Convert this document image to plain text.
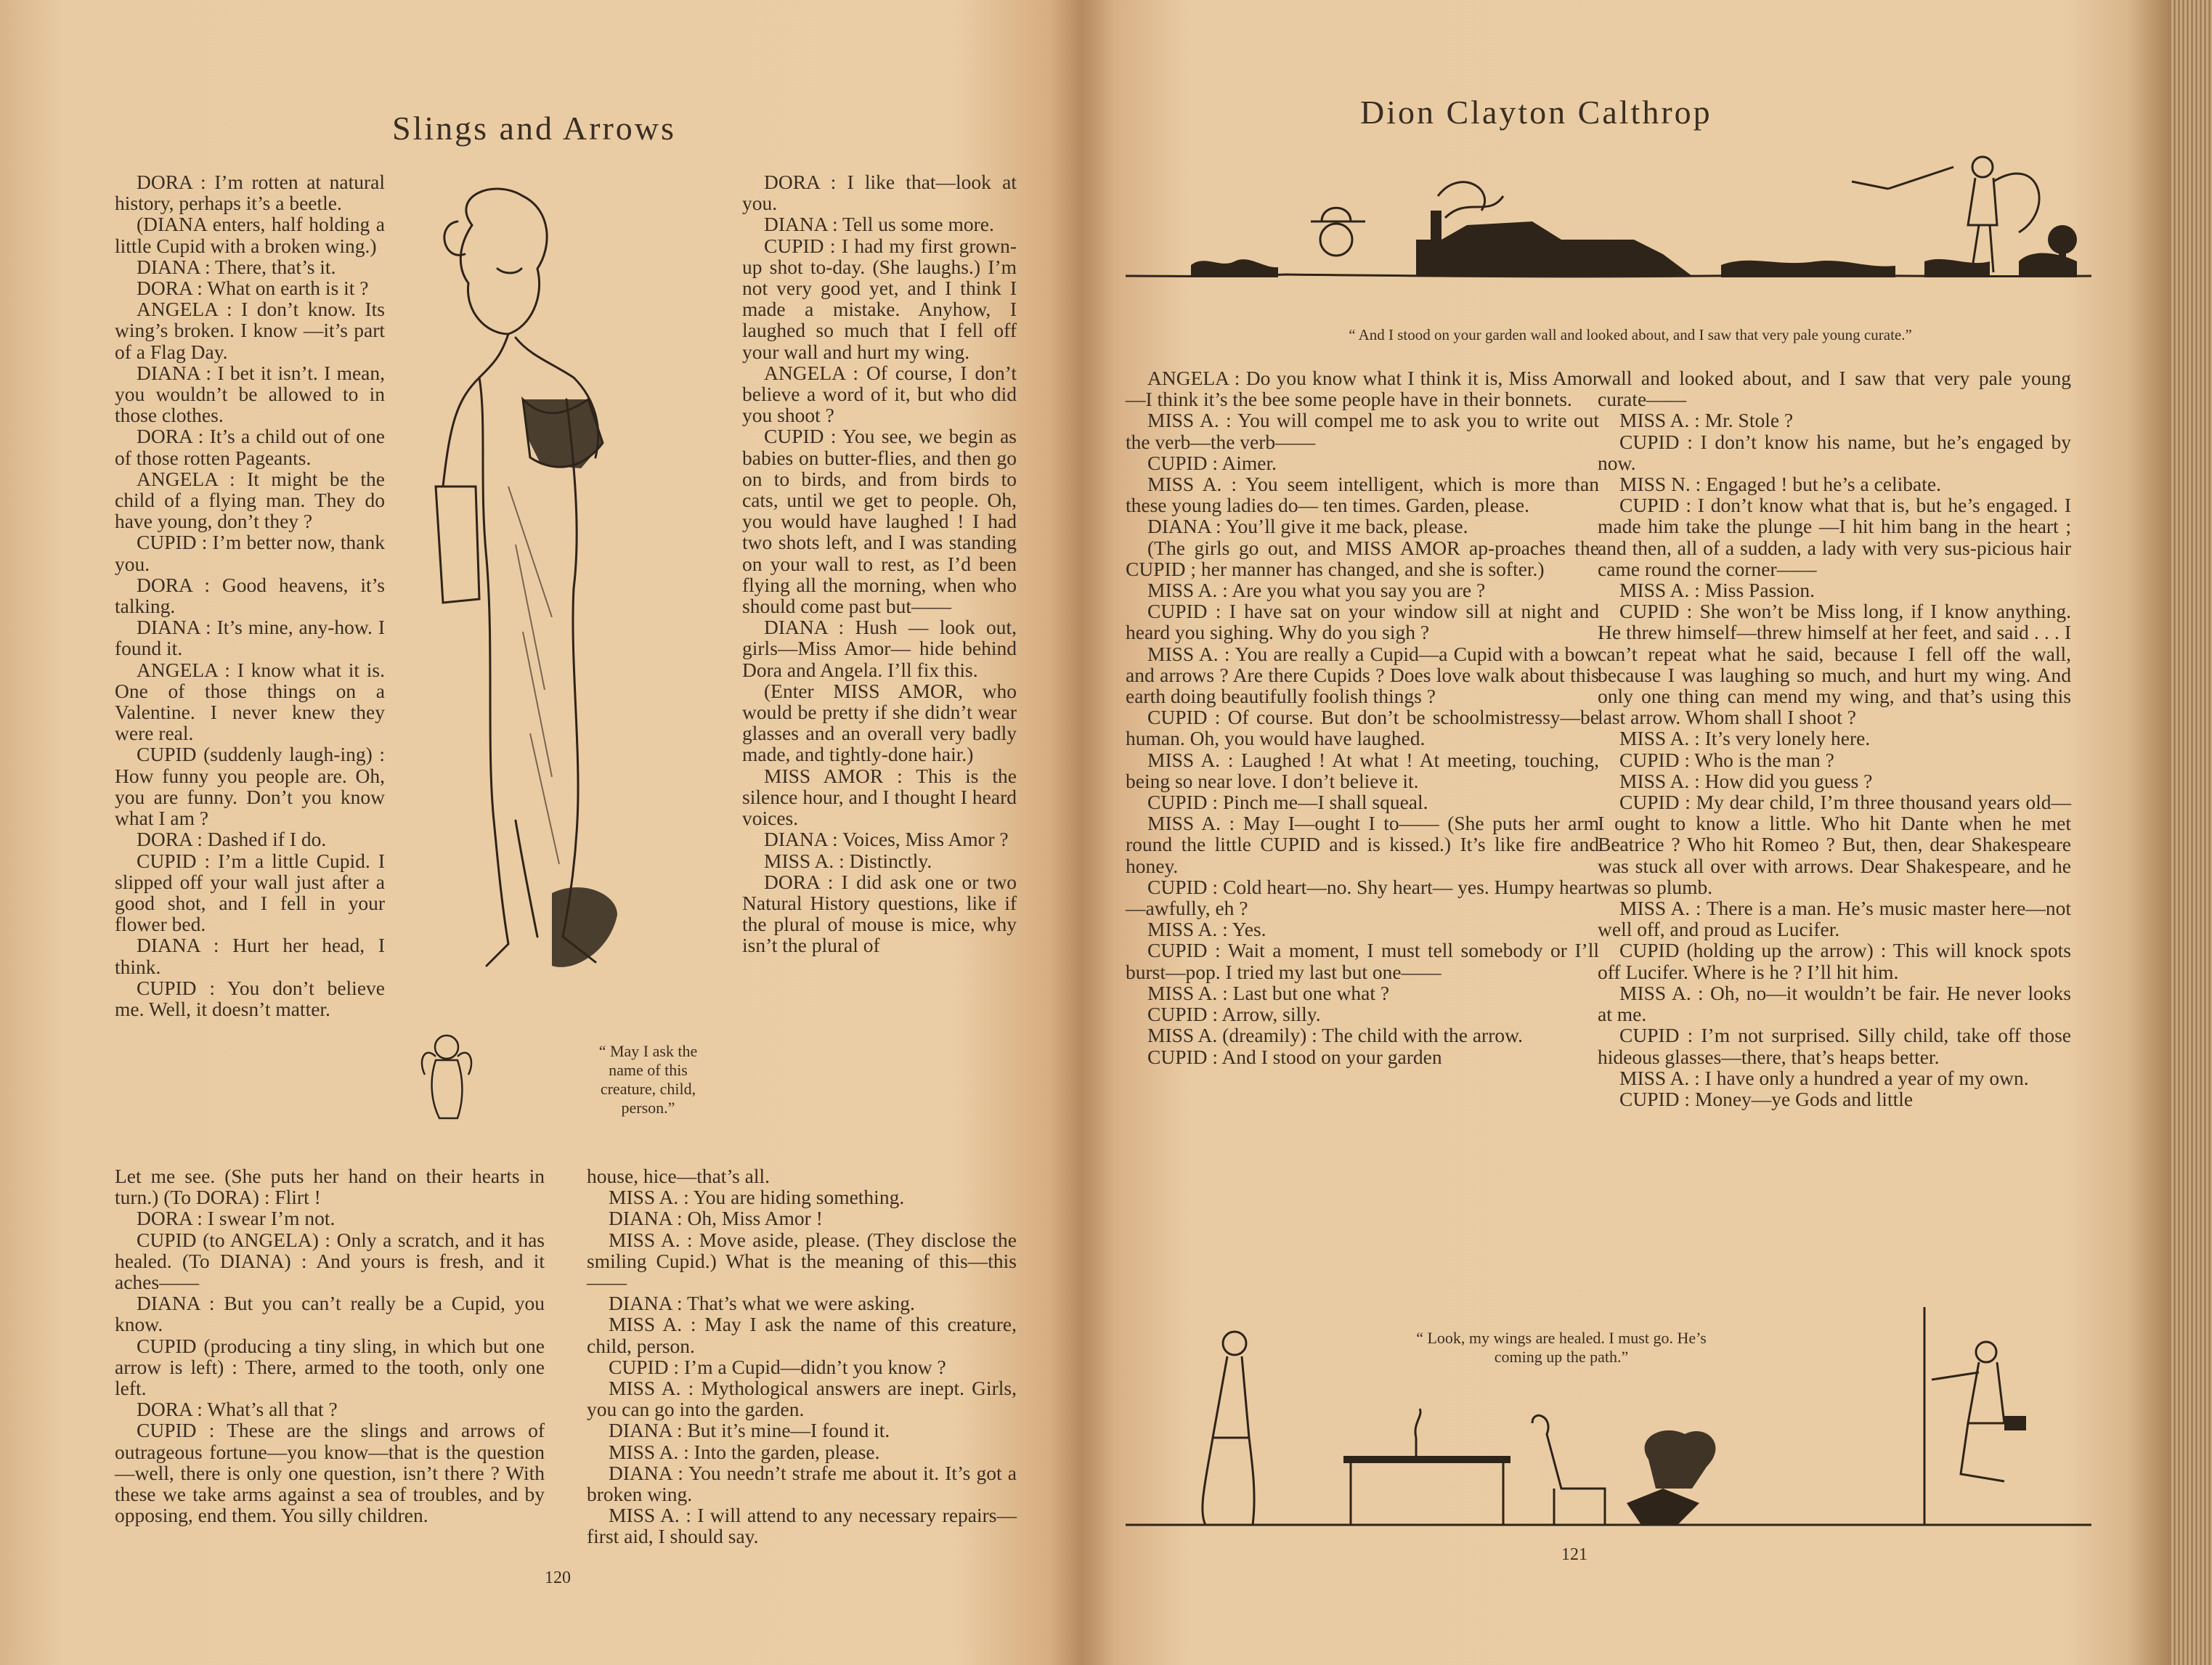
Slings and Arrows

DORA : I’m rotten at natural history, perhaps it’s a beetle.

(DIANA enters, half holding a little Cupid with a broken wing.)

DIANA : There, that’s it.

DORA : What on earth is it ?

ANGELA : I don’t know. Its wing’s broken. I know —it’s part of a Flag Day.

DIANA : I bet it isn’t. I mean, you wouldn’t be allowed to in those clothes.

DORA : It’s a child out of one of those rotten Pageants.

ANGELA : It might be the child of a flying man. They do have young, don’t they ?

CUPID : I’m better now, thank you.

DORA : Good heavens, it’s talking.

DIANA : It’s mine, any-how. I found it.

ANGELA : I know what it is. One of those things on a Valentine. I never knew they were real.

CUPID (suddenly laugh-ing) : How funny you people are. Oh, you are funny. Don’t you know what I am ?

DORA : Dashed if I do.

CUPID : I’m a little Cupid. I slipped off your wall just after a good shot, and I fell in your flower bed.

DIANA : Hurt her head, I think.

CUPID : You don’t believe me. Well, it doesn’t matter.

Let me see. (She puts her hand on their hearts in turn.) (To DORA) : Flirt !

DORA : I swear I’m not.

CUPID (to ANGELA) : Only a scratch, and it has healed. (To DIANA) : And yours is fresh, and it aches——

DIANA : But you can’t really be a Cupid, you know.

CUPID (producing a tiny sling, in which but one arrow is left) : There, armed to the tooth, only one left.

DORA : What’s all that ?

CUPID : These are the slings and arrows of outrageous fortune—you know—that is the question—well, there is only one question, isn’t there ? With these we take arms against a sea of troubles, and by opposing, end them. You silly children.

“ May I ask the name of this creature, child, person.”

DORA : I like that—look at you.

DIANA : Tell us some more.

CUPID : I had my first grown-up shot to-day. (She laughs.) I’m not very good yet, and I think I made a mistake. Anyhow, I laughed so much that I fell off your wall and hurt my wing.

ANGELA : Of course, I don’t believe a word of it, but who did you shoot ?

CUPID : You see, we begin as babies on butter-flies, and then go on to birds, and from birds to cats, until we get to people. Oh, you would have laughed ! I had two shots left, and I was standing on your wall to rest, as I’d been flying all the morning, when who should come past but——

DIANA : Hush — look out, girls—Miss Amor— hide behind Dora and Angela. I’ll fix this.

(Enter MISS AMOR, who would be pretty if she didn’t wear glasses and an overall very badly made, and tightly-done hair.)

MISS AMOR : This is the silence hour, and I thought I heard voices.

DIANA : Voices, Miss Amor ?

MISS A. : Distinctly.

DORA : I did ask one or two Natural History questions, like if the plural of mouse is mice, why isn’t the plural of

house, hice—that’s all.

MISS A. : You are hiding something.

DIANA : Oh, Miss Amor !

MISS A. : Move aside, please. (They disclose the smiling Cupid.) What is the meaning of this—this——

DIANA : That’s what we were asking.

MISS A. : May I ask the name of this creature, child, person.

CUPID : I’m a Cupid—didn’t you know ?

MISS A. : Mythological answers are inept. Girls, you can go into the garden.

DIANA : But it’s mine—I found it.

MISS A. : Into the garden, please.

DIANA : You needn’t strafe me about it. It’s got a broken wing.

MISS A. : I will attend to any necessary repairs—first aid, I should say.

120
Dion Clayton Calthrop
“ And I stood on your garden wall and looked about, and I saw that very pale young curate.”

ANGELA : Do you know what I think it is, Miss Amor—I think it’s the bee some people have in their bonnets.

MISS A. : You will compel me to ask you to write out the verb—the verb——

CUPID : Aimer.

MISS A. : You seem intelligent, which is more than these young ladies do— ten times. Garden, please.

DIANA : You’ll give it me back, please.

(The girls go out, and MISS AMOR ap-proaches the CUPID ; her manner has changed, and she is softer.)

MISS A. : Are you what you say you are ?

CUPID : I have sat on your window sill at night and heard you sighing. Why do you sigh ?

MISS A. : You are really a Cupid—a Cupid with a bow and arrows ? Are there Cupids ? Does love walk about this earth doing beautifully foolish things ?

CUPID : Of course. But don’t be schoolmistressy—be human. Oh, you would have laughed.

MISS A. : Laughed ! At what ! At meeting, touching, being so near love. I don’t believe it.

CUPID : Pinch me—I shall squeal.

MISS A. : May I—ought I to—— (She puts her arm round the little CUPID and is kissed.) It’s like fire and honey.

CUPID : Cold heart—no. Shy heart— yes. Humpy heart—awfully, eh ?

MISS A. : Yes.

CUPID : Wait a moment, I must tell somebody or I’ll burst—pop. I tried my last but one——

MISS A. : Last but one what ?

CUPID : Arrow, silly.

MISS A. (dreamily) : The child with the arrow.

CUPID : And I stood on your garden

wall and looked about, and I saw that very pale young curate——

MISS A. : Mr. Stole ?

CUPID : I don’t know his name, but he’s engaged by now.

MISS N. : Engaged ! but he’s a celibate.

CUPID : I don’t know what that is, but he’s engaged. I made him take the plunge —I hit him bang in the heart ; and then, all of a sudden, a lady with very sus-picious hair came round the corner——

MISS A. : Miss Passion.

CUPID : She won’t be Miss long, if I know anything. He threw himself—threw himself at her feet, and said . . . I can’t repeat what he said, because I fell off the wall, because I was laughing so much, and hurt my wing. And only one thing can mend my wing, and that’s using this last arrow. Whom shall I shoot ?

MISS A. : It’s very lonely here.

CUPID : Who is the man ?

MISS A. : How did you guess ?

CUPID : My dear child, I’m three thousand years old—I ought to know a little. Who hit Dante when he met Beatrice ? Who hit Romeo ? But, then, dear Shakespeare was stuck all over with arrows. Dear Shakespeare, and he was so plumb.

MISS A. : There is a man. He’s music master here—not well off, and proud as Lucifer.

CUPID (holding up the arrow) : This will knock spots off Lucifer. Where is he ? I’ll hit him.

MISS A. : Oh, no—it wouldn’t be fair. He never looks at me.

CUPID : I’m not surprised. Silly child, take off those hideous glasses—there, that’s heaps better.

MISS A. : I have only a hundred a year of my own.

CUPID : Money—ye Gods and little

“ Look, my wings are healed. I must go. He’s coming up the path.”
121
